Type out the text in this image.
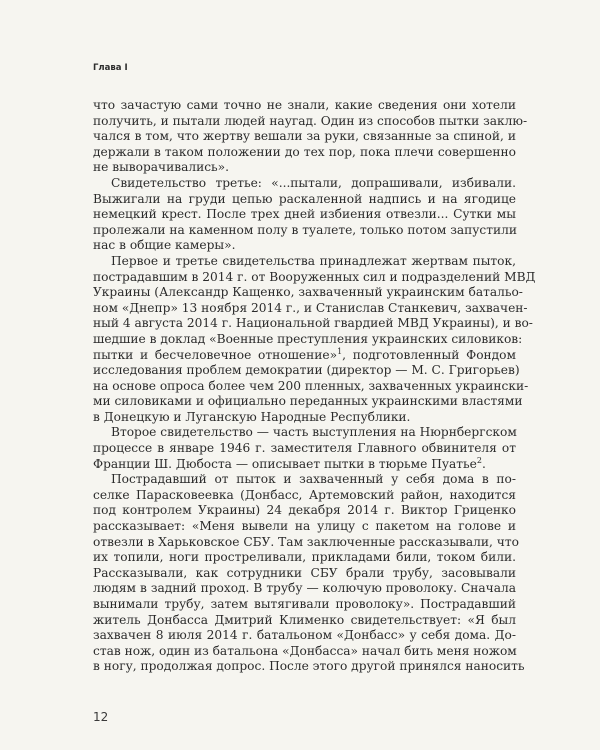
Глава I
что зачастую сами точно не знали, какие сведения они хотели
получить, и пытали людей наугад. Один из способов пытки заклю-
чался в том, что жертву вешали за руки, связанные за спиной, и
держали в таком положении до тех пор, пока плечи совершенно
не выворачивались».
Свидетельство третье: «...пытали, допрашивали, избивали.
Выжигали на груди цепью раскаленной надпись и на ягодице
немецкий крест. После трех дней избиения отвезли... Сутки мы
пролежали на каменном полу в туалете, только потом запустили
нас в общие камеры».
Первое и третье свидетельства принадлежат жертвам пыток,
пострадавшим в 2014 г. от Вооруженных сил и подразделений МВД
Украины (Александр Кащенко, захваченный украинским батальо-
ном «Днепр» 13 ноября 2014 г., и Станислав Станкевич, захвачен-
ный 4 августа 2014 г. Национальной гвардией МВД Украины), и во-
шедшие в доклад «Военные преступления украинских силовиков:
пытки и бесчеловечное отношение»$^1$, подготовленный Фондом
исследования проблем демократии (директор — М. С. Григорьев)
на основе опроса более чем 200 пленных, захваченных украински-
ми силовиками и официально переданных украинскими властями
в Донецкую и Луганскую Народные Республики.
Второе свидетельство — часть выступления на Нюрнбергском
процессе в январе 1946 г. заместителя Главного обвинителя от
Франции Ш. Дюбоста — описывает пытки в тюрьме Пуатье$^2$.
Пострадавший от пыток и захваченный у себя дома в по-
селке Парасковеевка (Донбасс, Артемовский район, находится
под контролем Украины) 24 декабря 2014 г. Виктор Гриценко
рассказывает: «Меня вывели на улицу с пакетом на голове и
отвезли в Харьковское СБУ. Там заключенные рассказывали, что
их топили, ноги простреливали, прикладами били, током били.
Рассказывали, как сотрудники СБУ брали трубу, засовывали
людям в задний проход. В трубу — колючую проволоку. Сначала
вынимали трубу, затем вытягивали проволоку». Пострадавший
житель Донбасса Дмитрий Клименко свидетельствует: «Я был
захвачен 8 июля 2014 г. батальоном «Донбасс» у себя дома. До-
став нож, один из батальона «Донбасса» начал бить меня ножом
в ногу, продолжая допрос. После этого другой принялся наносить
12
